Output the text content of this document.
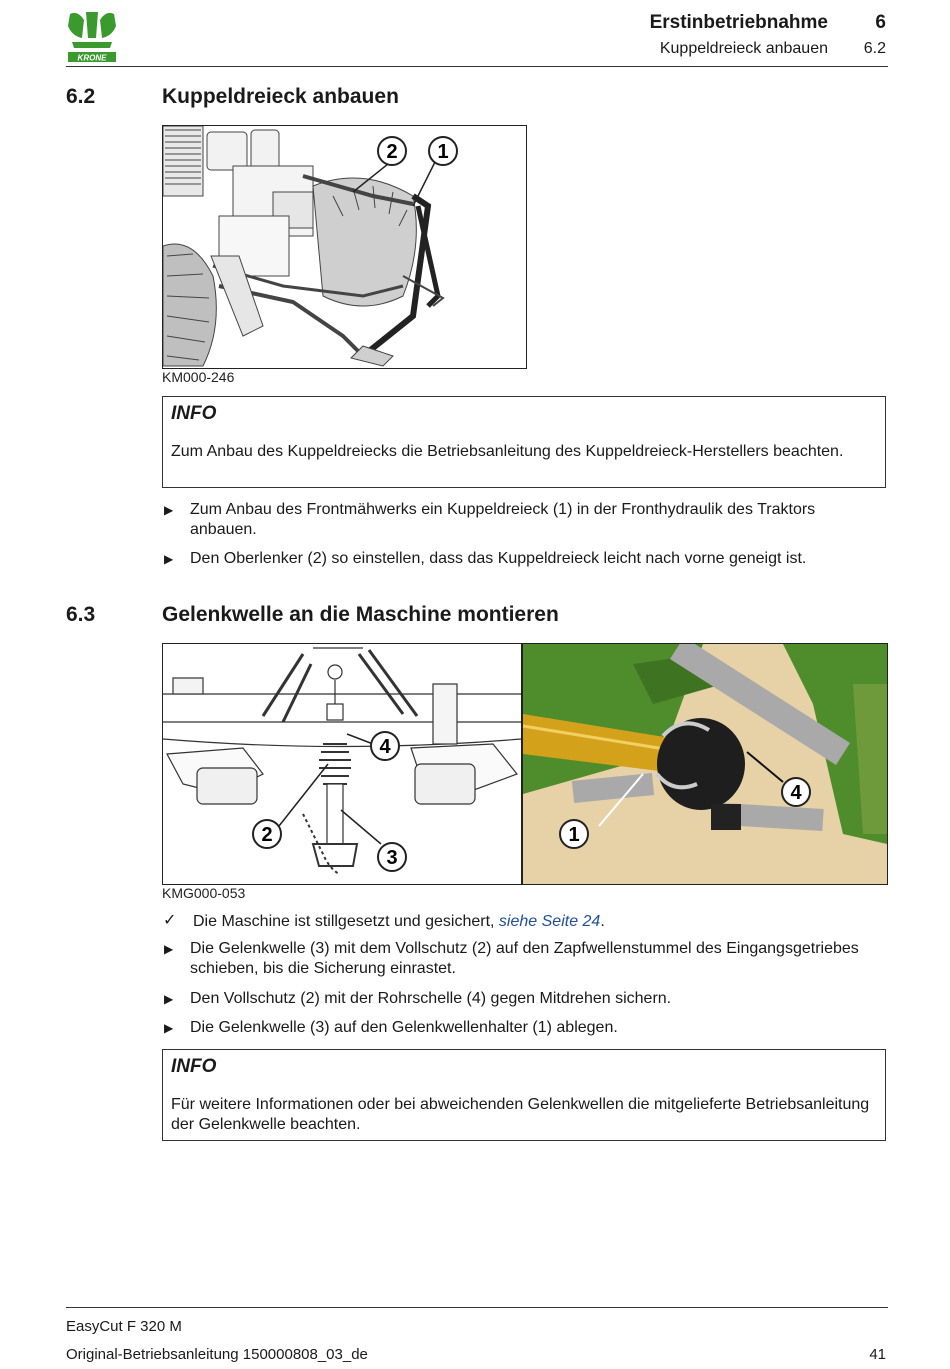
KRONE
Erstinbetriebnahme	6
Kuppeldreieck anbauen	6.2
6.2	Kuppeldreieck anbauen
2 1
KM000-246
INFO
Zum Anbau des Kuppeldreiecks die Betriebsanleitung des Kuppeldreieck-Herstellers beachten.
▶ Zum Anbau des Frontmähwerks ein Kuppeldreieck (1) in der Fronthydraulik des Traktors anbauen.
▶ Den Oberlenker (2) so einstellen, dass das Kuppeldreieck leicht nach vorne geneigt ist.
6.3	Gelenkwelle an die Maschine montieren
4
2
3
1
4
KMG000-053
✓ Die Maschine ist stillgesetzt und gesichert, siehe Seite 24.
▶ Die Gelenkwelle (3) mit dem Vollschutz (2) auf den Zapfwellenstummel des Eingangsgetriebes schieben, bis die Sicherung einrastet.
▶ Den Vollschutz (2) mit der Rohrschelle (4) gegen Mitdrehen sichern.
▶ Die Gelenkwelle (3) auf den Gelenkwellenhalter (1) ablegen.
INFO
Für weitere Informationen oder bei abweichenden Gelenkwellen die mitgelieferte Betriebsanleitung der Gelenkwelle beachten.
EasyCut F 320 M
Original-Betriebsanleitung 150000808_03_de	41
